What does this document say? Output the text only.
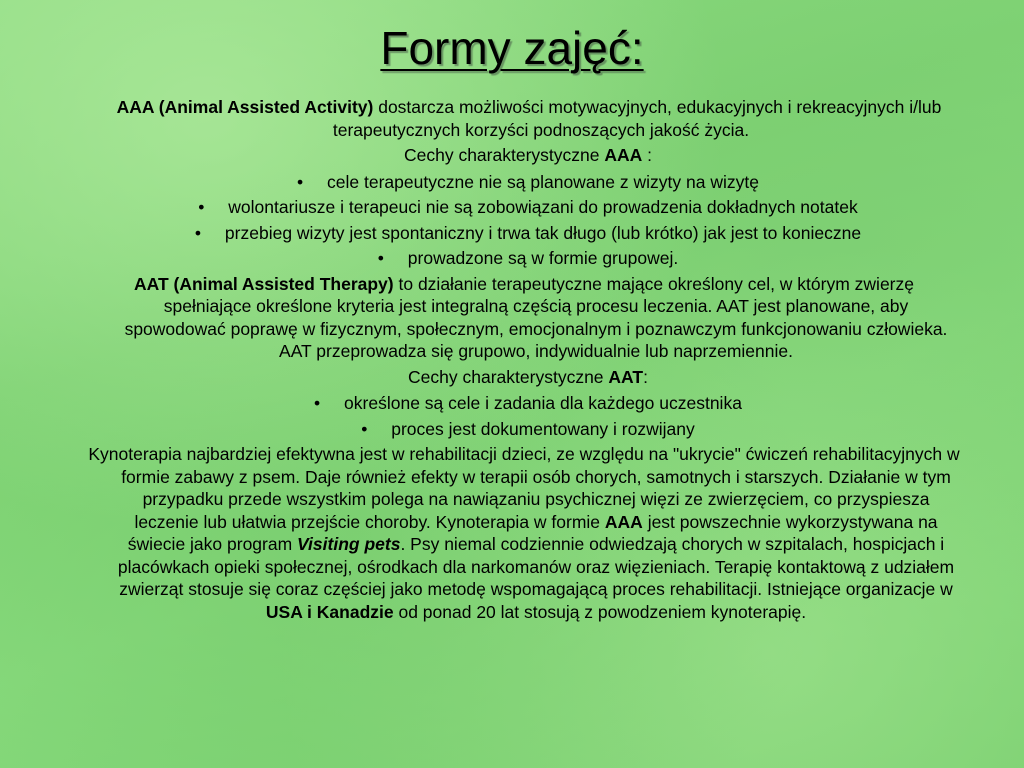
Formy zajęć:

AAA (Animal Assisted Activity) dostarcza możliwości motywacyjnych, edukacyjnych i rekreacyjnych i/lub terapeutycznych korzyści podnoszących jakość życia.

Cechy charakterystyczne AAA :

• cele terapeutyczne nie są planowane z wizyty na wizytę

• wolontariusze i terapeuci nie są zobowiązani do prowadzenia dokładnych notatek

• przebieg wizyty jest spontaniczny i trwa tak długo (lub krótko) jak jest to konieczne

• prowadzone są w formie grupowej.

AAT (Animal Assisted Therapy) to działanie terapeutyczne mające określony cel, w którym zwierzę spełniające określone kryteria jest integralną częścią procesu leczenia. AAT jest planowane, aby spowodować poprawę w fizycznym, społecznym, emocjonalnym i poznawczym funkcjonowaniu człowieka. AAT przeprowadza się grupowo, indywidualnie lub naprzemiennie.

Cechy charakterystyczne AAT:

• określone są cele i zadania dla każdego uczestnika

• proces jest dokumentowany i rozwijany

Kynoterapia najbardziej efektywna jest w rehabilitacji dzieci, ze względu na "ukrycie" ćwiczeń rehabilitacyjnych w formie zabawy z psem. Daje również efekty w terapii osób chorych, samotnych i starszych. Działanie w tym przypadku przede wszystkim polega na nawiązaniu psychicznej więzi ze zwierzęciem, co przyspiesza leczenie lub ułatwia przejście choroby. Kynoterapia w formie AAA jest powszechnie wykorzystywana na świecie jako program Visiting pets. Psy niemal codziennie odwiedzają chorych w szpitalach, hospicjach i placówkach opieki społecznej, ośrodkach dla narkomanów oraz więzieniach. Terapię kontaktową z udziałem zwierząt stosuje się coraz częściej jako metodę wspomagającą proces rehabilitacji. Istniejące organizacje w USA i Kanadzie od ponad 20 lat stosują z powodzeniem kynoterapię.
